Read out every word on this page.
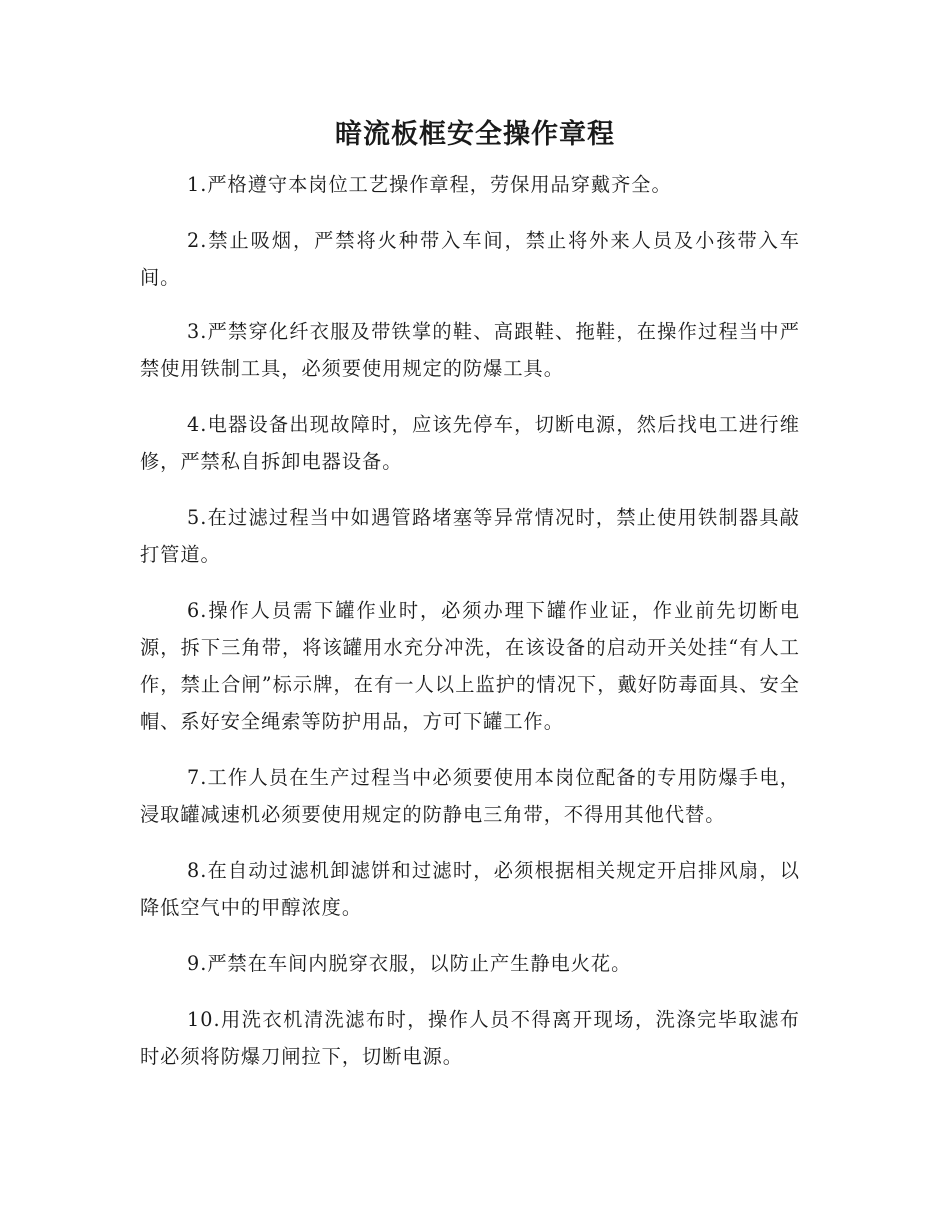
暗流板框安全操作章程

1.严格遵守本岗位工艺操作章程，劳保用品穿戴齐全。

2.禁止吸烟，严禁将火种带入车间，禁止将外来人员及小孩带入车间。

3.严禁穿化纤衣服及带铁掌的鞋、高跟鞋、拖鞋，在操作过程当中严禁使用铁制工具，必须要使用规定的防爆工具。

4.电器设备出现故障时，应该先停车，切断电源，然后找电工进行维修，严禁私自拆卸电器设备。

5.在过滤过程当中如遇管路堵塞等异常情况时，禁止使用铁制器具敲打管道。

6.操作人员需下罐作业时，必须办理下罐作业证，作业前先切断电源，拆下三角带，将该罐用水充分冲洗，在该设备的启动开关处挂“有人工作，禁止合闸”标示牌，在有一人以上监护的情况下，戴好防毒面具、安全帽、系好安全绳索等防护用品，方可下罐工作。

7.工作人员在生产过程当中必须要使用本岗位配备的专用防爆手电，浸取罐减速机必须要使用规定的防静电三角带，不得用其他代替。

8.在自动过滤机卸滤饼和过滤时，必须根据相关规定开启排风扇，以降低空气中的甲醇浓度。

9.严禁在车间内脱穿衣服，以防止产生静电火花。

10.用洗衣机清洗滤布时，操作人员不得离开现场，洗涤完毕取滤布时必须将防爆刀闸拉下，切断电源。
